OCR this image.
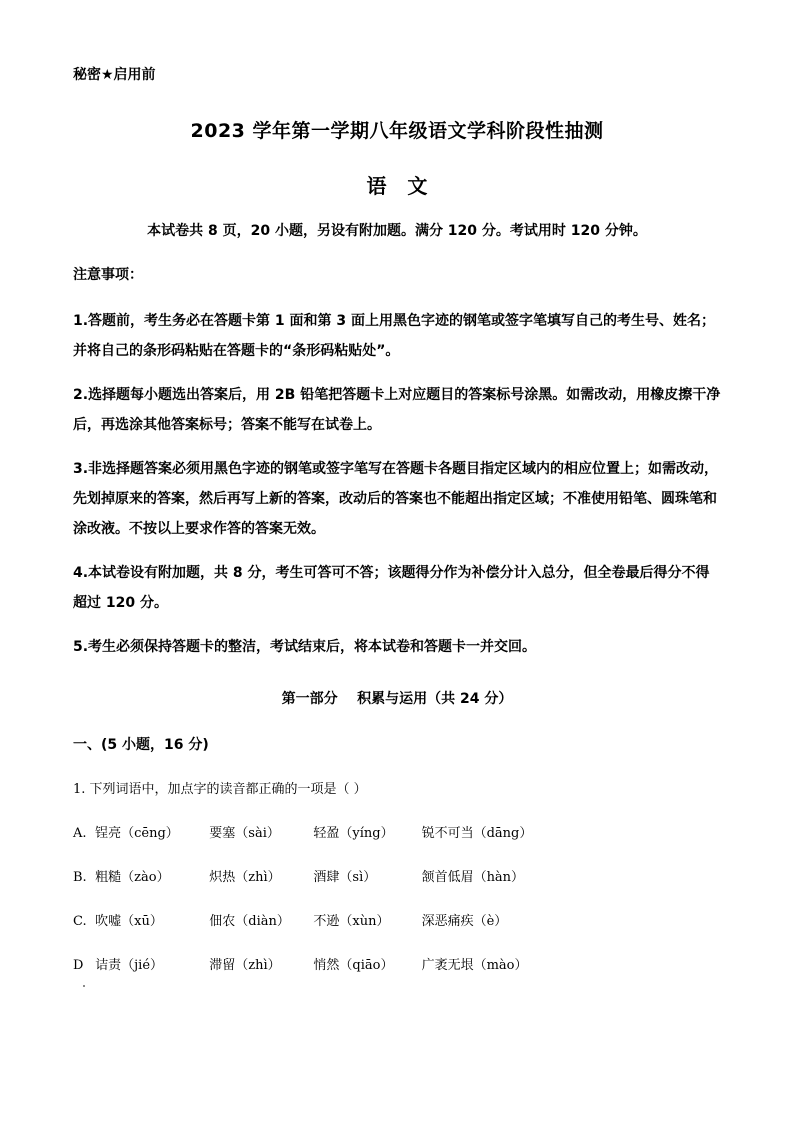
秘密★启用前
2023 学年第一学期八年级语文学科阶段性抽测
语   文
本试卷共 8 页，20 小题，另设有附加题。满分 120 分。考试用时 120 分钟。
注意事项：
1.答题前，考生务必在答题卡第 1 面和第 3 面上用黑色字迹的钢笔或签字笔填写自己的考生号、姓名；并将自己的条形码粘贴在答题卡的“条形码粘贴处”。
2.选择题每小题选出答案后，用 2B 铅笔把答题卡上对应题目的答案标号涂黑。如需改动，用橡皮擦干净后，再选涂其他答案标号；答案不能写在试卷上。
3.非选择题答案必须用黑色字迹的钢笔或签字笔写在答题卡各题目指定区域内的相应位置上；如需改动，先划掉原来的答案，然后再写上新的答案，改动后的答案也不能超出指定区域；不准使用铅笔、圆珠笔和涂改液。不按以上要求作答的答案无效。
4.本试卷设有附加题，共 8 分，考生可答可不答；该题得分作为补偿分计入总分，但全卷最后得分不得超过 120 分。
5.考生必须保持答题卡的整洁，考试结束后，将本试卷和答题卡一并交回。
第一部分    积累与运用（共 24 分）
一、(5 小题，16 分)
1. 下列词语中，加点字的读音都正确的一项是（ ）
A. 锃亮（cēng） 要塞（sài）	轻盈（yíng） 锐不可当（dāng）
B. 粗糙（zào）	炽热（zhì）	酒肆（sì）	颔首低眉（hàn）
C. 吹嘘（xū）	佃农（diàn） 不逊（xùn） 深恶痛疾（è）
D 诘责（jié）	滞留（zhì）	悄然（qiāo） 广袤无垠（mào）
